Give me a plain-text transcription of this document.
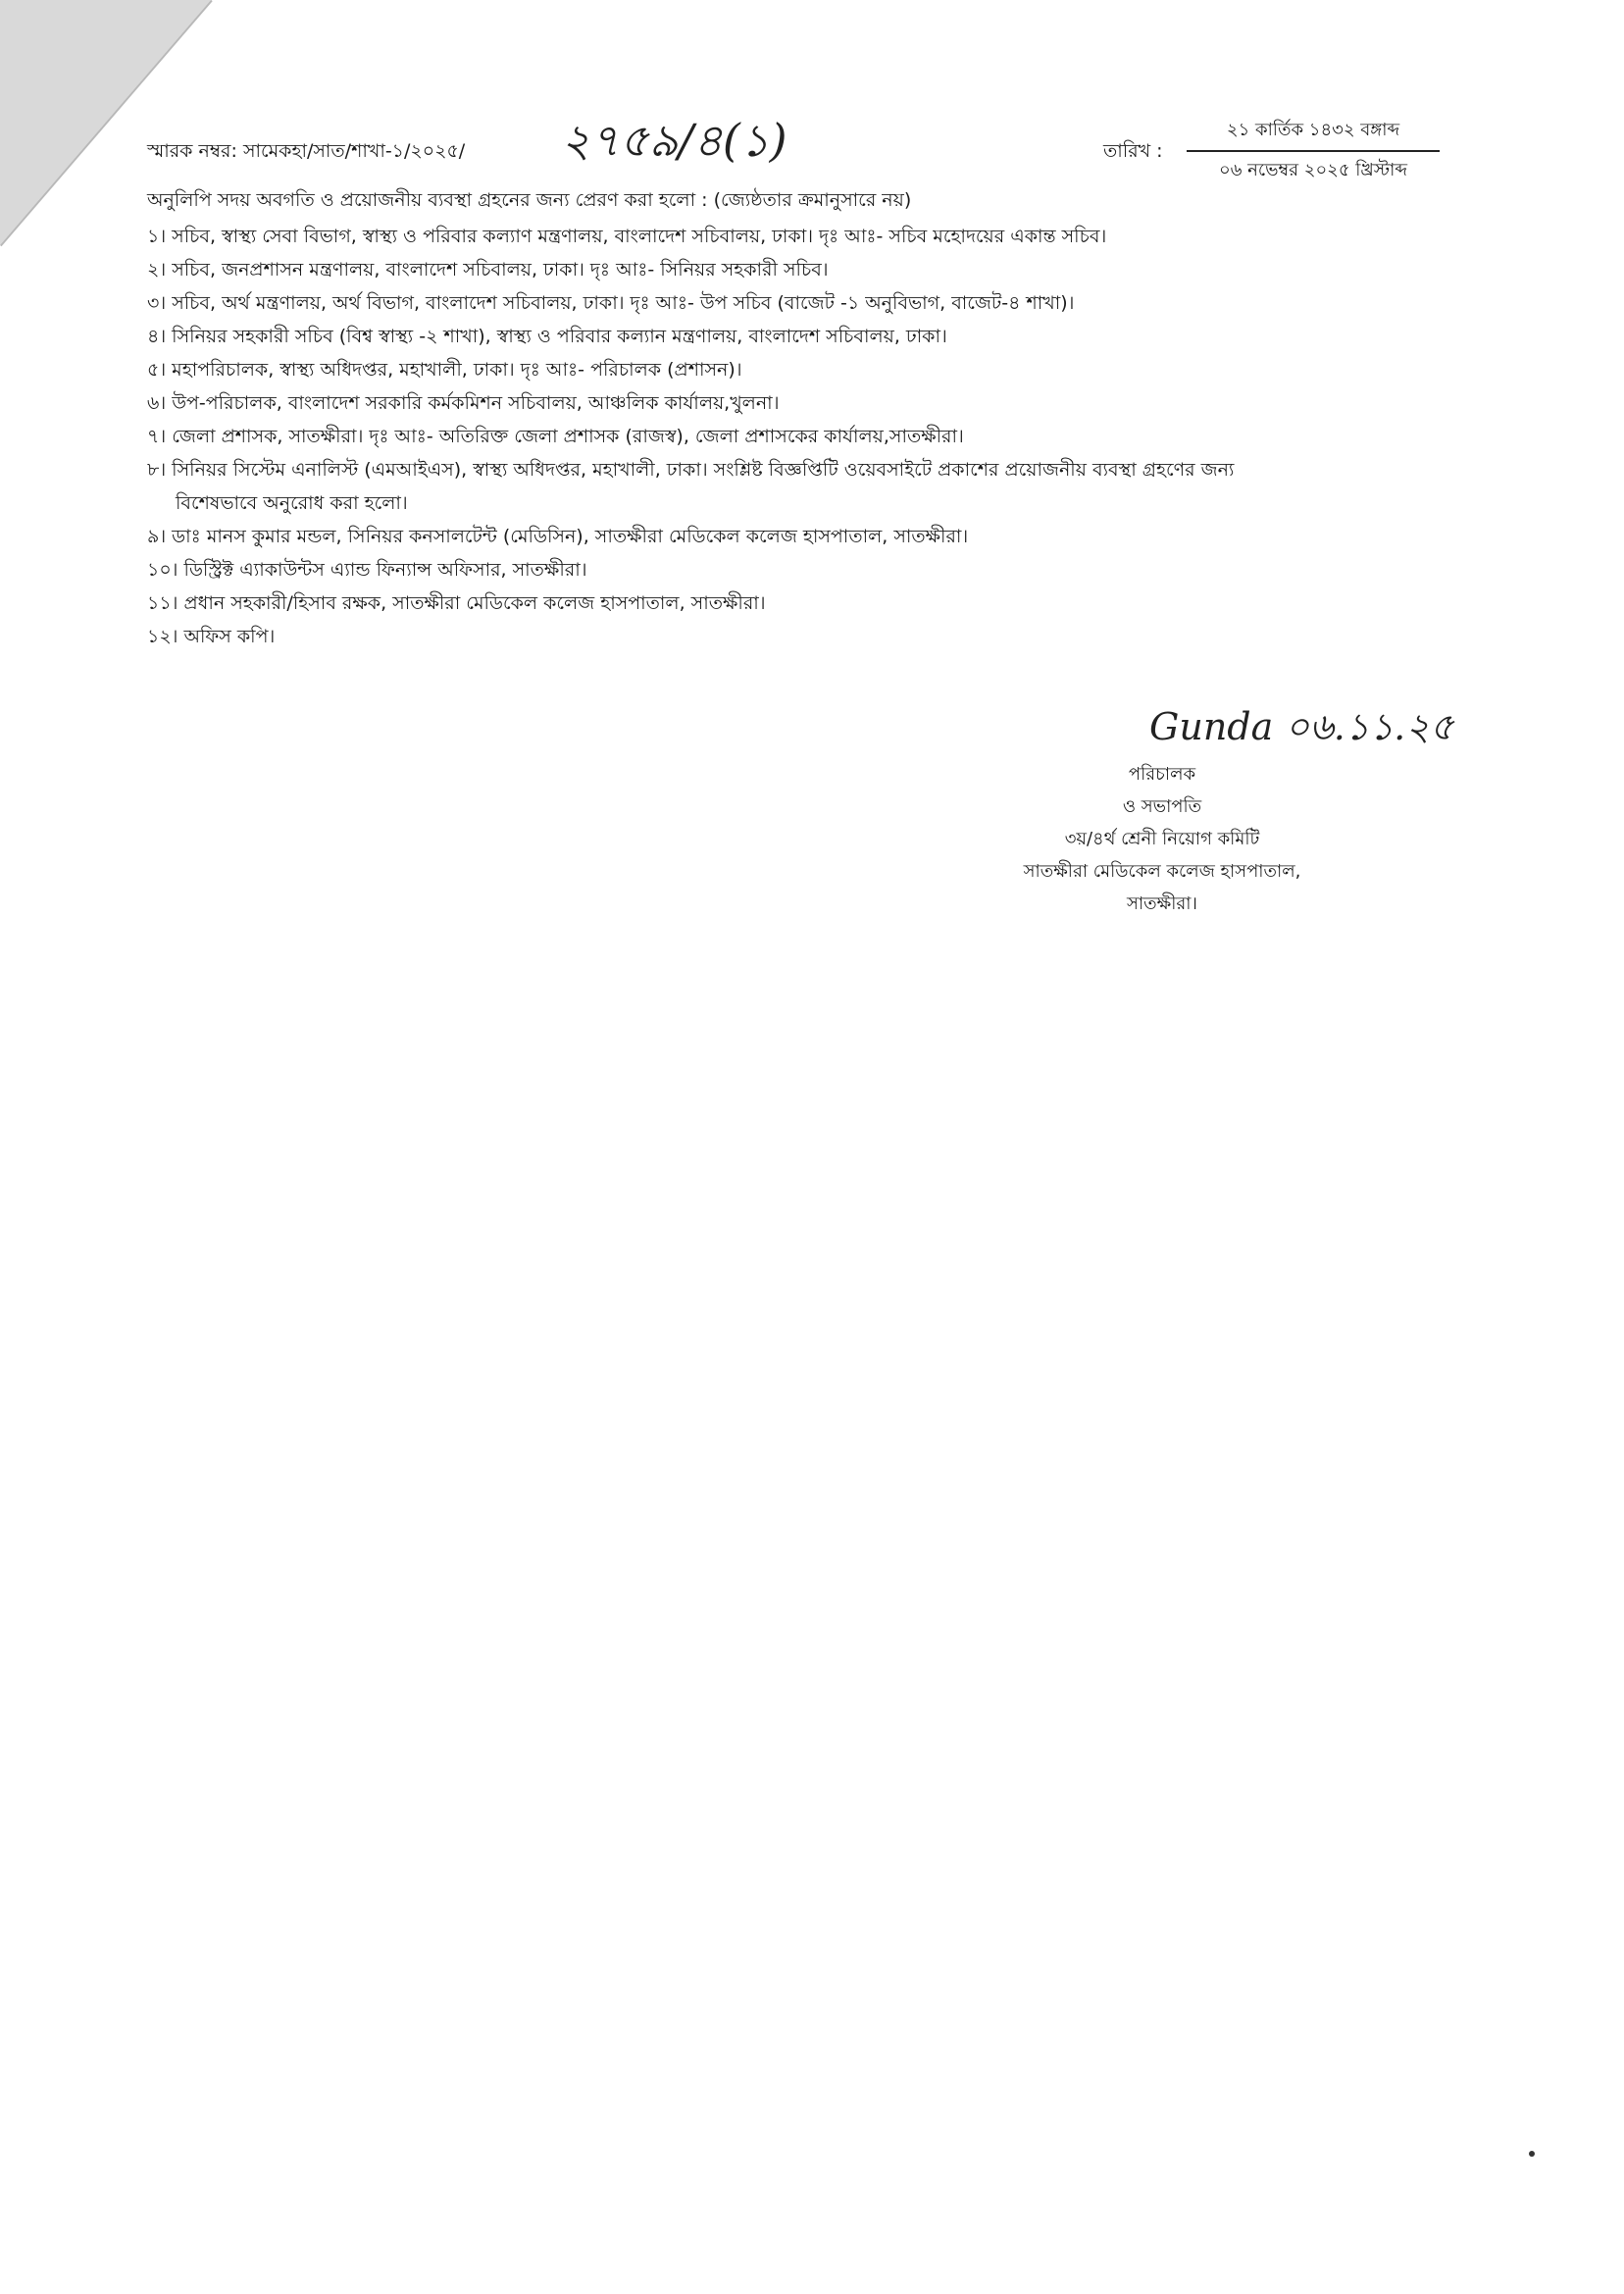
স্মারক নম্বর: সামেকহা/সাত/শাখা-১/২০২৫/ ২৭৫৯/৪(১)	তারিখ :
২১ কার্তিক ১৪৩২ বঙ্গাব্দ
০৬ নভেম্বর ২০২৫ খ্রিস্টাব্দ
অনুলিপি সদয় অবগতি ও প্রয়োজনীয় ব্যবস্থা গ্রহনের জন্য প্রেরণ করা হলো : (জ্যেষ্ঠতার ক্রমানুসারে নয়)
১। সচিব, স্বাস্থ্য সেবা বিভাগ, স্বাস্থ্য ও পরিবার কল্যাণ মন্ত্রণালয়, বাংলাদেশ সচিবালয়, ঢাকা। দৃঃ আঃ- সচিব মহোদয়ের একান্ত সচিব।
২। সচিব, জনপ্রশাসন মন্ত্রণালয়, বাংলাদেশ সচিবালয়, ঢাকা। দৃঃ আঃ- সিনিয়র সহকারী সচিব।
৩। সচিব, অর্থ মন্ত্রণালয়, অর্থ বিভাগ, বাংলাদেশ সচিবালয়, ঢাকা। দৃঃ আঃ- উপ সচিব (বাজেট -১ অনুবিভাগ, বাজেট-৪ শাখা)।
৪। সিনিয়র সহকারী সচিব (বিশ্ব স্বাস্থ্য -২ শাখা), স্বাস্থ্য ও পরিবার কল্যান মন্ত্রণালয়, বাংলাদেশ সচিবালয়, ঢাকা।
৫। মহাপরিচালক, স্বাস্থ্য অধিদপ্তর, মহাখালী, ঢাকা। দৃঃ আঃ- পরিচালক (প্রশাসন)।
৬। উপ-পরিচালক, বাংলাদেশ সরকারি কর্মকমিশন সচিবালয়, আঞ্চলিক কার্যালয়,খুলনা।
৭। জেলা প্রশাসক, সাতক্ষীরা। দৃঃ আঃ- অতিরিক্ত জেলা প্রশাসক (রাজস্ব), জেলা প্রশাসকের কার্যালয়,সাতক্ষীরা।
৮। সিনিয়র সিস্টেম এনালিস্ট (এমআইএস), স্বাস্থ্য অধিদপ্তর, মহাখালী, ঢাকা। সংশ্লিষ্ট বিজ্ঞপ্তিটি ওয়েবসাইটে প্রকাশের প্রয়োজনীয় ব্যবস্থা গ্রহণের জন্য
বিশেষভাবে অনুরোধ করা হলো।
৯। ডাঃ মানস কুমার মন্ডল, সিনিয়র কনসালটেন্ট (মেডিসিন), সাতক্ষীরা মেডিকেল কলেজ হাসপাতাল, সাতক্ষীরা।
১০। ডিস্ট্রিক্ট এ্যাকাউন্টস এ্যান্ড ফিন্যান্স অফিসার, সাতক্ষীরা।
১১। প্রধান সহকারী/হিসাব রক্ষক, সাতক্ষীরা মেডিকেল কলেজ হাসপাতাল, সাতক্ষীরা।
১২। অফিস কপি।
Gunda ০৬.১১.২৫
পরিচালক
ও সভাপতি
৩য়/৪র্থ শ্রেনী নিয়োগ কমিটি
সাতক্ষীরা মেডিকেল কলেজ হাসপাতাল,
সাতক্ষীরা।
